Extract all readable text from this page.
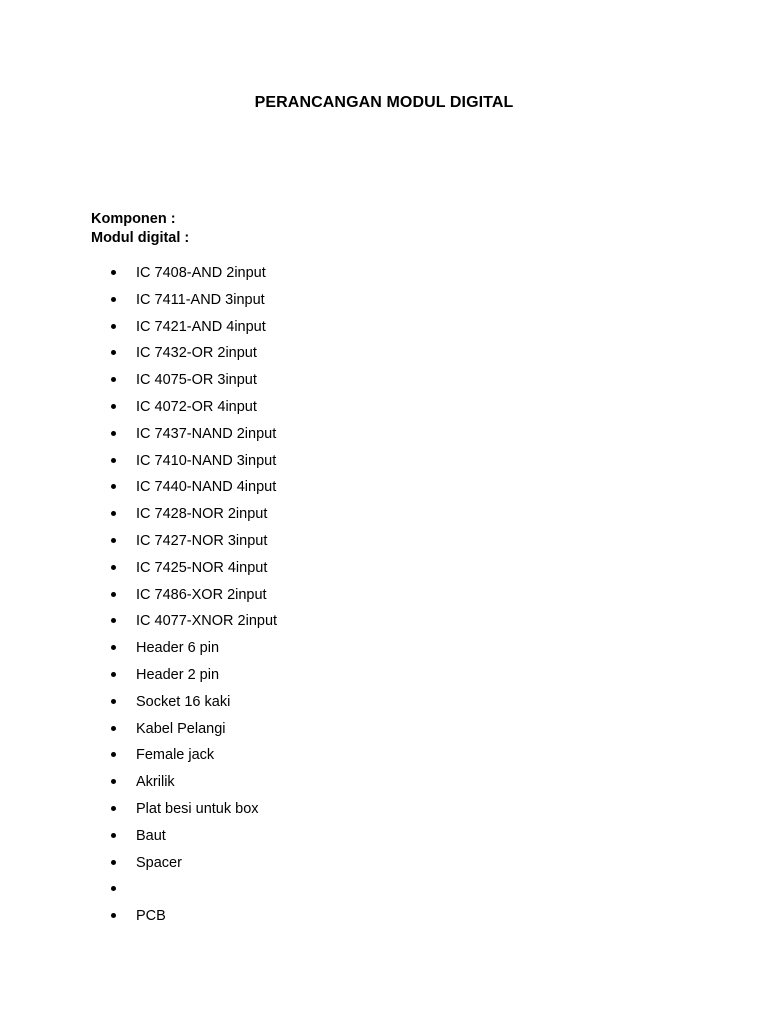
PERANCANGAN MODUL DIGITAL
Komponen :
Modul digital :
IC 7408-AND 2input
IC 7411-AND 3input
IC 7421-AND 4input
IC 7432-OR 2input
IC 4075-OR 3input
IC 4072-OR 4input
IC 7437-NAND 2input
IC 7410-NAND 3input
IC 7440-NAND 4input
IC 7428-NOR 2input
IC 7427-NOR 3input
IC 7425-NOR 4input
IC 7486-XOR 2input
IC 4077-XNOR 2input
Header 6 pin
Header 2 pin
Socket 16 kaki
Kabel Pelangi
Female jack
Akrilik
Plat besi untuk box
Baut
Spacer
PCB
